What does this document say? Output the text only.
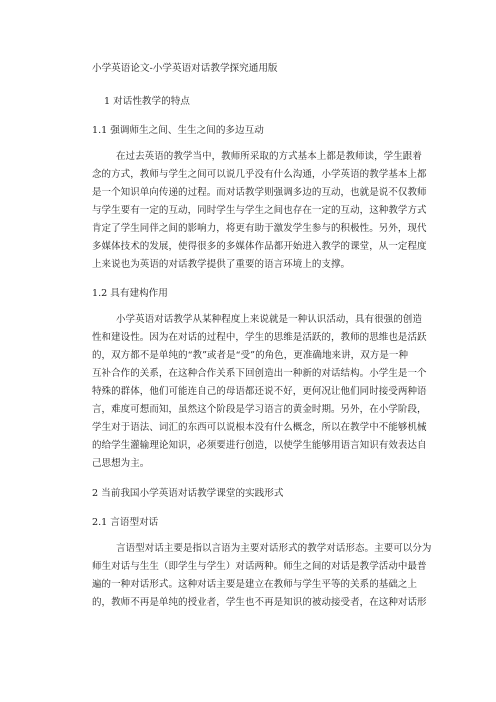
小学英语论文-小学英语对话教学探究通用版
1 对话性教学的特点
1.1 强调师生之间、生生之间的多边互动
在过去英语的教学当中，教师所采取的方式基本上都是教师读，学生跟着
念的方式，教师与学生之间可以说几乎没有什么沟通，小学英语的教学基本上都
是一个知识单向传递的过程。而对话教学则强调多边的互动，也就是说不仅教师
与学生要有一定的互动，同时学生与学生之间也存在一定的互动，这种教学方式
肯定了学生同伴之间的影响力，将更有助于激发学生参与的积极性。另外，现代
多媒体技术的发展，使得很多的多媒体作品都开始进入教学的课堂，从一定程度
上来说也为英语的对话教学提供了重要的语言环境上的支撑。
1.2 具有建构作用
小学英语对话教学从某种程度上来说就是一种认识活动，具有很强的创造
性和建设性。因为在对话的过程中，学生的思维是活跃的，教师的思维也是活跃
的，双方都不是单纯的“教”或者是“受”的角色，更准确地来讲，双方是一种
互补合作的关系，在这种合作关系下回创造出一种新的对话结构。小学生是一个
特殊的群体，他们可能连自己的母语都还说不好，更何况让他们同时接受两种语
言，难度可想而知，虽然这个阶段是学习语言的黄金时期。另外，在小学阶段，
学生对于语法、词汇的东西可以说根本没有什么概念，所以在教学中不能够机械
的给学生灌输理论知识，必须要进行创造，以使学生能够用语言知识有效表达自
己思想为主。
2 当前我国小学英语对话教学课堂的实践形式
2.1 言语型对话
言语型对话主要是指以言语为主要对话形式的教学对话形态。主要可以分为
师生对话与生生（即学生与学生）对话两种。师生之间的对话是教学活动中最普
遍的一种对话形式。这种对话主要是建立在教师与学生平等的关系的基础之上
的，教师不再是单纯的授业者，学生也不再是知识的被动接受者，在这种对话形
